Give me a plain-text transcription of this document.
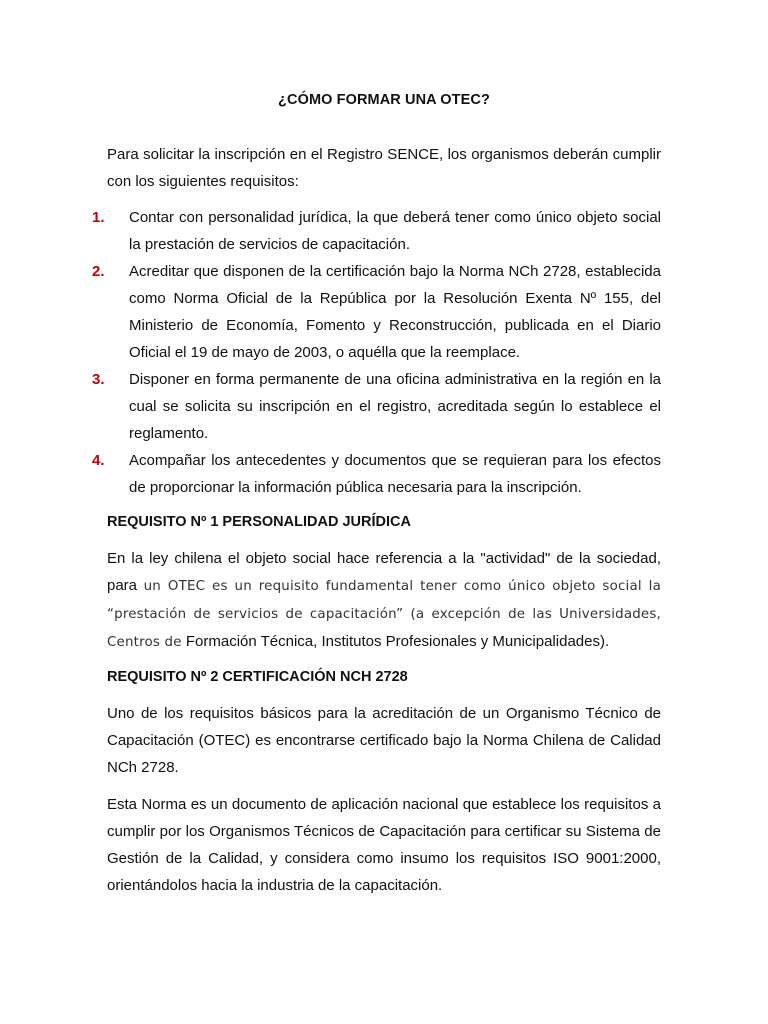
¿CÓMO FORMAR UNA OTEC?
Para solicitar la inscripción en el Registro SENCE, los organismos deberán cumplir con los siguientes requisitos:
1. Contar con personalidad jurídica, la que deberá tener como único objeto social la prestación de servicios de capacitación.
2. Acreditar que disponen de la certificación bajo la Norma NCh 2728, establecida como Norma Oficial de la República por la Resolución Exenta Nº 155, del Ministerio de Economía, Fomento y Reconstrucción, publicada en el Diario Oficial el 19 de mayo de 2003, o aquélla que la reemplace.
3. Disponer en forma permanente de una oficina administrativa en la región en la cual se solicita su inscripción en el registro, acreditada según lo establece el reglamento.
4. Acompañar los antecedentes y documentos que se requieran para los efectos de proporcionar la información pública necesaria para la inscripción.
REQUISITO Nº 1 PERSONALIDAD JURÍDICA
En la ley chilena el objeto social hace referencia a la "actividad" de la sociedad, para un OTEC es un requisito fundamental tener como único objeto social la “prestación de servicios de capacitación” (a excepción de las Universidades, Centros de Formación Técnica, Institutos Profesionales y Municipalidades).
REQUISITO Nº 2 CERTIFICACIÓN NCH 2728
Uno de los requisitos básicos para la acreditación de un Organismo Técnico de Capacitación (OTEC) es encontrarse certificado bajo la Norma Chilena de Calidad NCh 2728.
Esta Norma es un documento de aplicación nacional que establece los requisitos a cumplir por los Organismos Técnicos de Capacitación para certificar su Sistema de Gestión de la Calidad, y considera como insumo los requisitos ISO 9001:2000, orientándolos hacia la industria de la capacitación.
